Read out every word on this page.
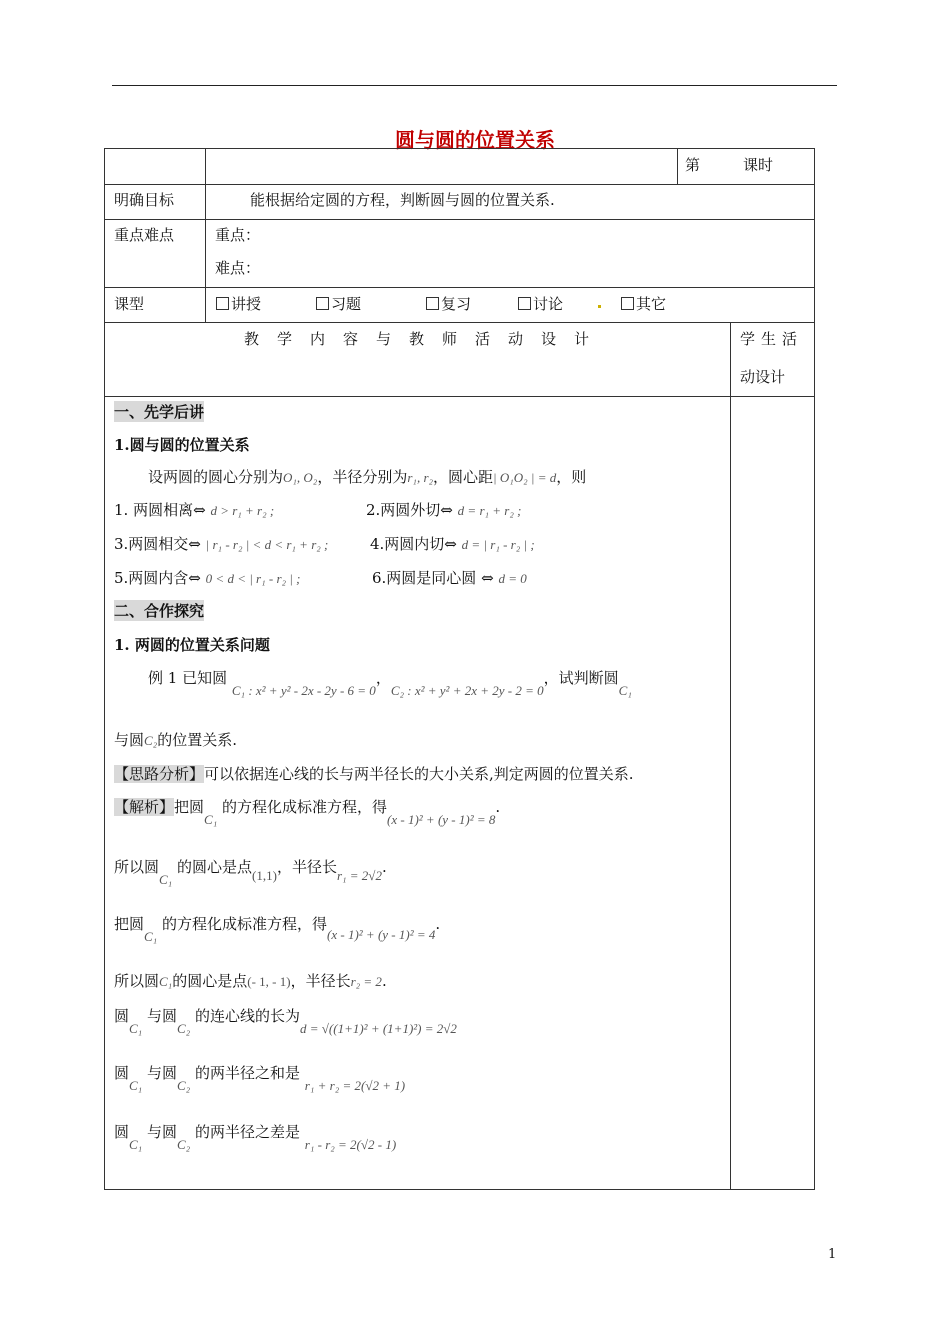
圆与圆的位置关系
第	课时
明确目标	能根据给定圆的方程，判断圆与圆的位置关系.
重点难点	重点：
难点：
课型	讲授	习题	复习	讨论	其它
教学内容与教师活动设计	学生活
动设计
一、先学后讲
1.圆与圆的位置关系
设两圆的圆心分别为O₁, O₂，半径分别为r₁, r₂，圆心距| O₁O₂ | = d，则
1. 两圆相离⇔ d > r₁ + r₂ ;	2.两圆外切⇔ d = r₁ + r₂ ;
3.两圆相交⇔ | r₁ - r₂ | < d < r₁ + r₂ ;	4.两圆内切⇔ d = | r₁ - r₂ | ;
5.两圆内含⇔ 0 < d < | r₁ - r₂ | ;	6.两圆是同心圆 ⇔ d = 0
二、合作探究
1. 两圆的位置关系问题
例 1 已知圆 C₁ : x² + y² - 2x - 2y - 6 = 0，C₂ : x² + y² + 2x + 2y - 2 = 0，试判断圆C₁
与圆C₂的位置关系.
【思路分析】可以依据连心线的长与两半径长的大小关系,判定两圆的位置关系.
【解析】把圆C₁ 的方程化成标准方程，得(x - 1)² + (y - 1)² = 8.
所以圆C₁ 的圆心是点(1,1)，半径长r₁ = 2√2.
把圆C₁ 的方程化成标准方程，得(x - 1)² + (y - 1)² = 4.
所以圆C₁的圆心是点(- 1, - 1)，半径长r₂ = 2.
圆C₁ 与圆C₂ 的连心线的长为d = √((1+1)² + (1+1)²) = 2√2
圆C₁ 与圆C₂ 的两半径之和是 r₁ + r₂ = 2(√2 + 1)
圆C₁ 与圆C₂ 的两半径之差是 r₁ - r₂ = 2(√2 - 1)
1
